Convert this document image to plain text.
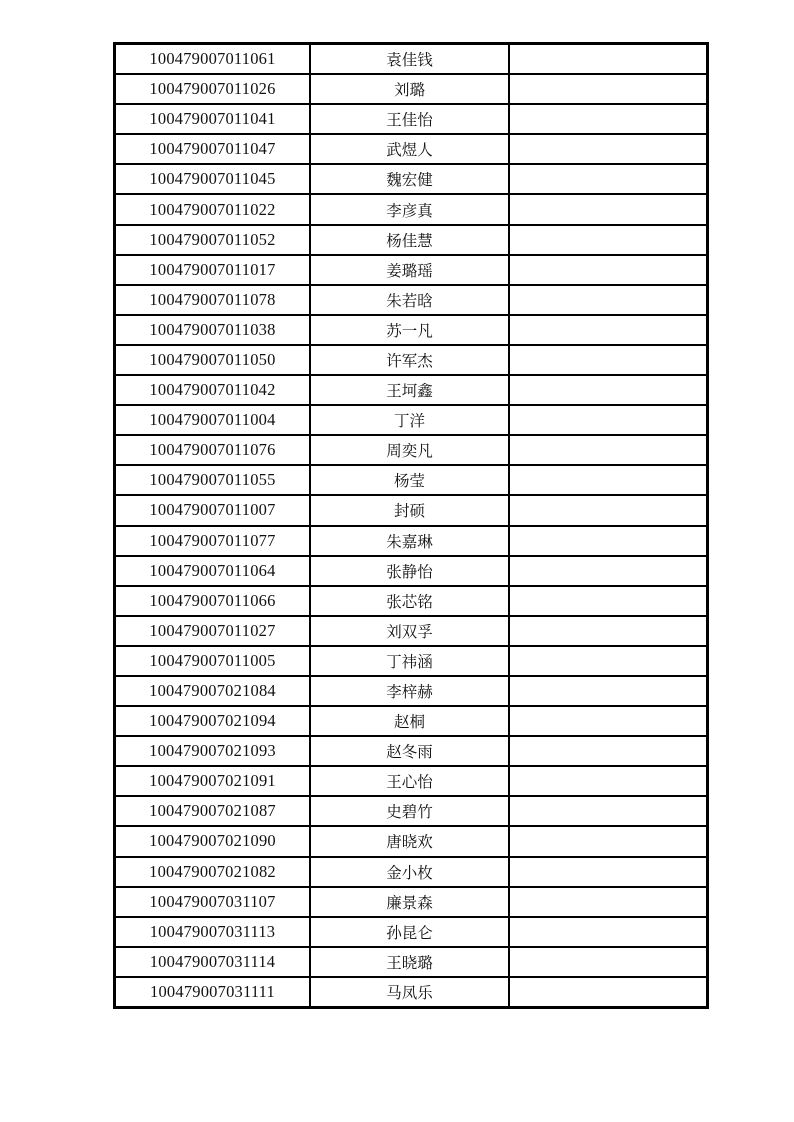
100479007011061	袁佳钱	
100479007011026	刘璐	
100479007011041	王佳怡	
100479007011047	武煜人	
100479007011045	魏宏健	
100479007011022	李彦真	
100479007011052	杨佳慧	
100479007011017	姜璐瑶	
100479007011078	朱若晗	
100479007011038	苏一凡	
100479007011050	许军杰	
100479007011042	王坷鑫	
100479007011004	丁洋	
100479007011076	周奕凡	
100479007011055	杨莹	
100479007011007	封硕	
100479007011077	朱嘉琳	
100479007011064	张静怡	
100479007011066	张芯铭	
100479007011027	刘双孚	
100479007011005	丁祎涵	
100479007021084	李梓赫	
100479007021094	赵桐	
100479007021093	赵冬雨	
100479007021091	王心怡	
100479007021087	史碧竹	
100479007021090	唐晓欢	
100479007021082	金小枚	
100479007031107	廉景森	
100479007031113	孙昆仑	
100479007031114	王晓璐	
100479007031111	马凤乐	
